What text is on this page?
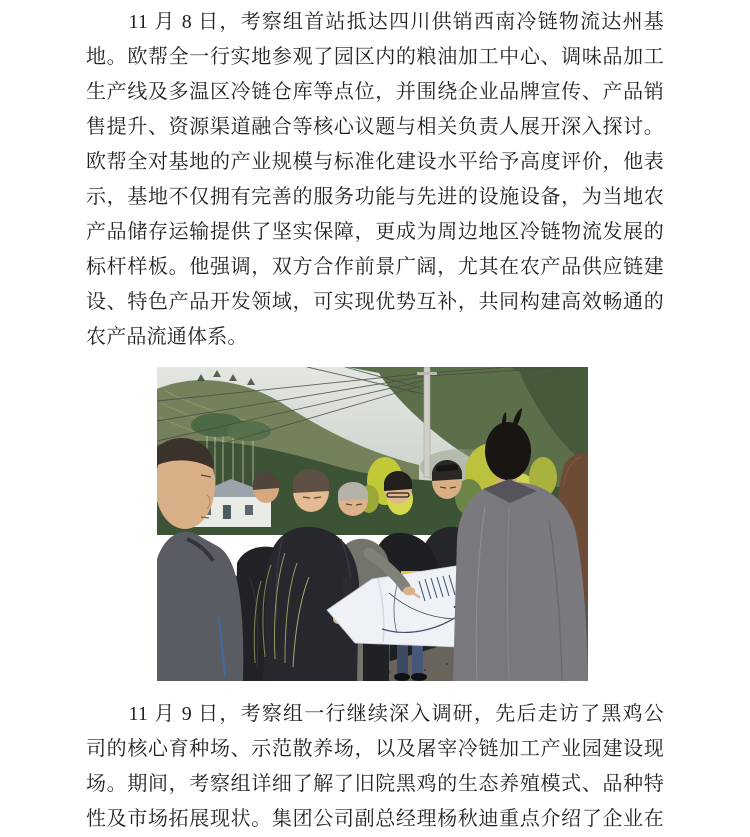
　　11 月 8 日，考察组首站抵达四川供销西南冷链物流达州基
地。欧帮全一行实地参观了园区内的粮油加工中心、调味品加工
生产线及多温区冷链仓库等点位，并围绕企业品牌宣传、产品销
售提升、资源渠道融合等核心议题与相关负责人展开深入探讨。
欧帮全对基地的产业规模与标准化建设水平给予高度评价，他表
示，基地不仅拥有完善的服务功能与先进的设施设备，为当地农
产品储存运输提供了坚实保障，更成为周边地区冷链物流发展的
标杆样板。他强调，双方合作前景广阔，尤其在农产品供应链建
设、特色产品开发领域，可实现优势互补，共同构建高效畅通的
农产品流通体系。
　　11 月 9 日，考察组一行继续深入调研，先后走访了黑鸡公
司的核心育种场、示范散养场，以及屠宰冷链加工产业园建设现
场。期间，考察组详细了解了旧院黑鸡的生态养殖模式、品种特
性及市场拓展现状。集团公司副总经理杨秋迪重点介绍了企业在
